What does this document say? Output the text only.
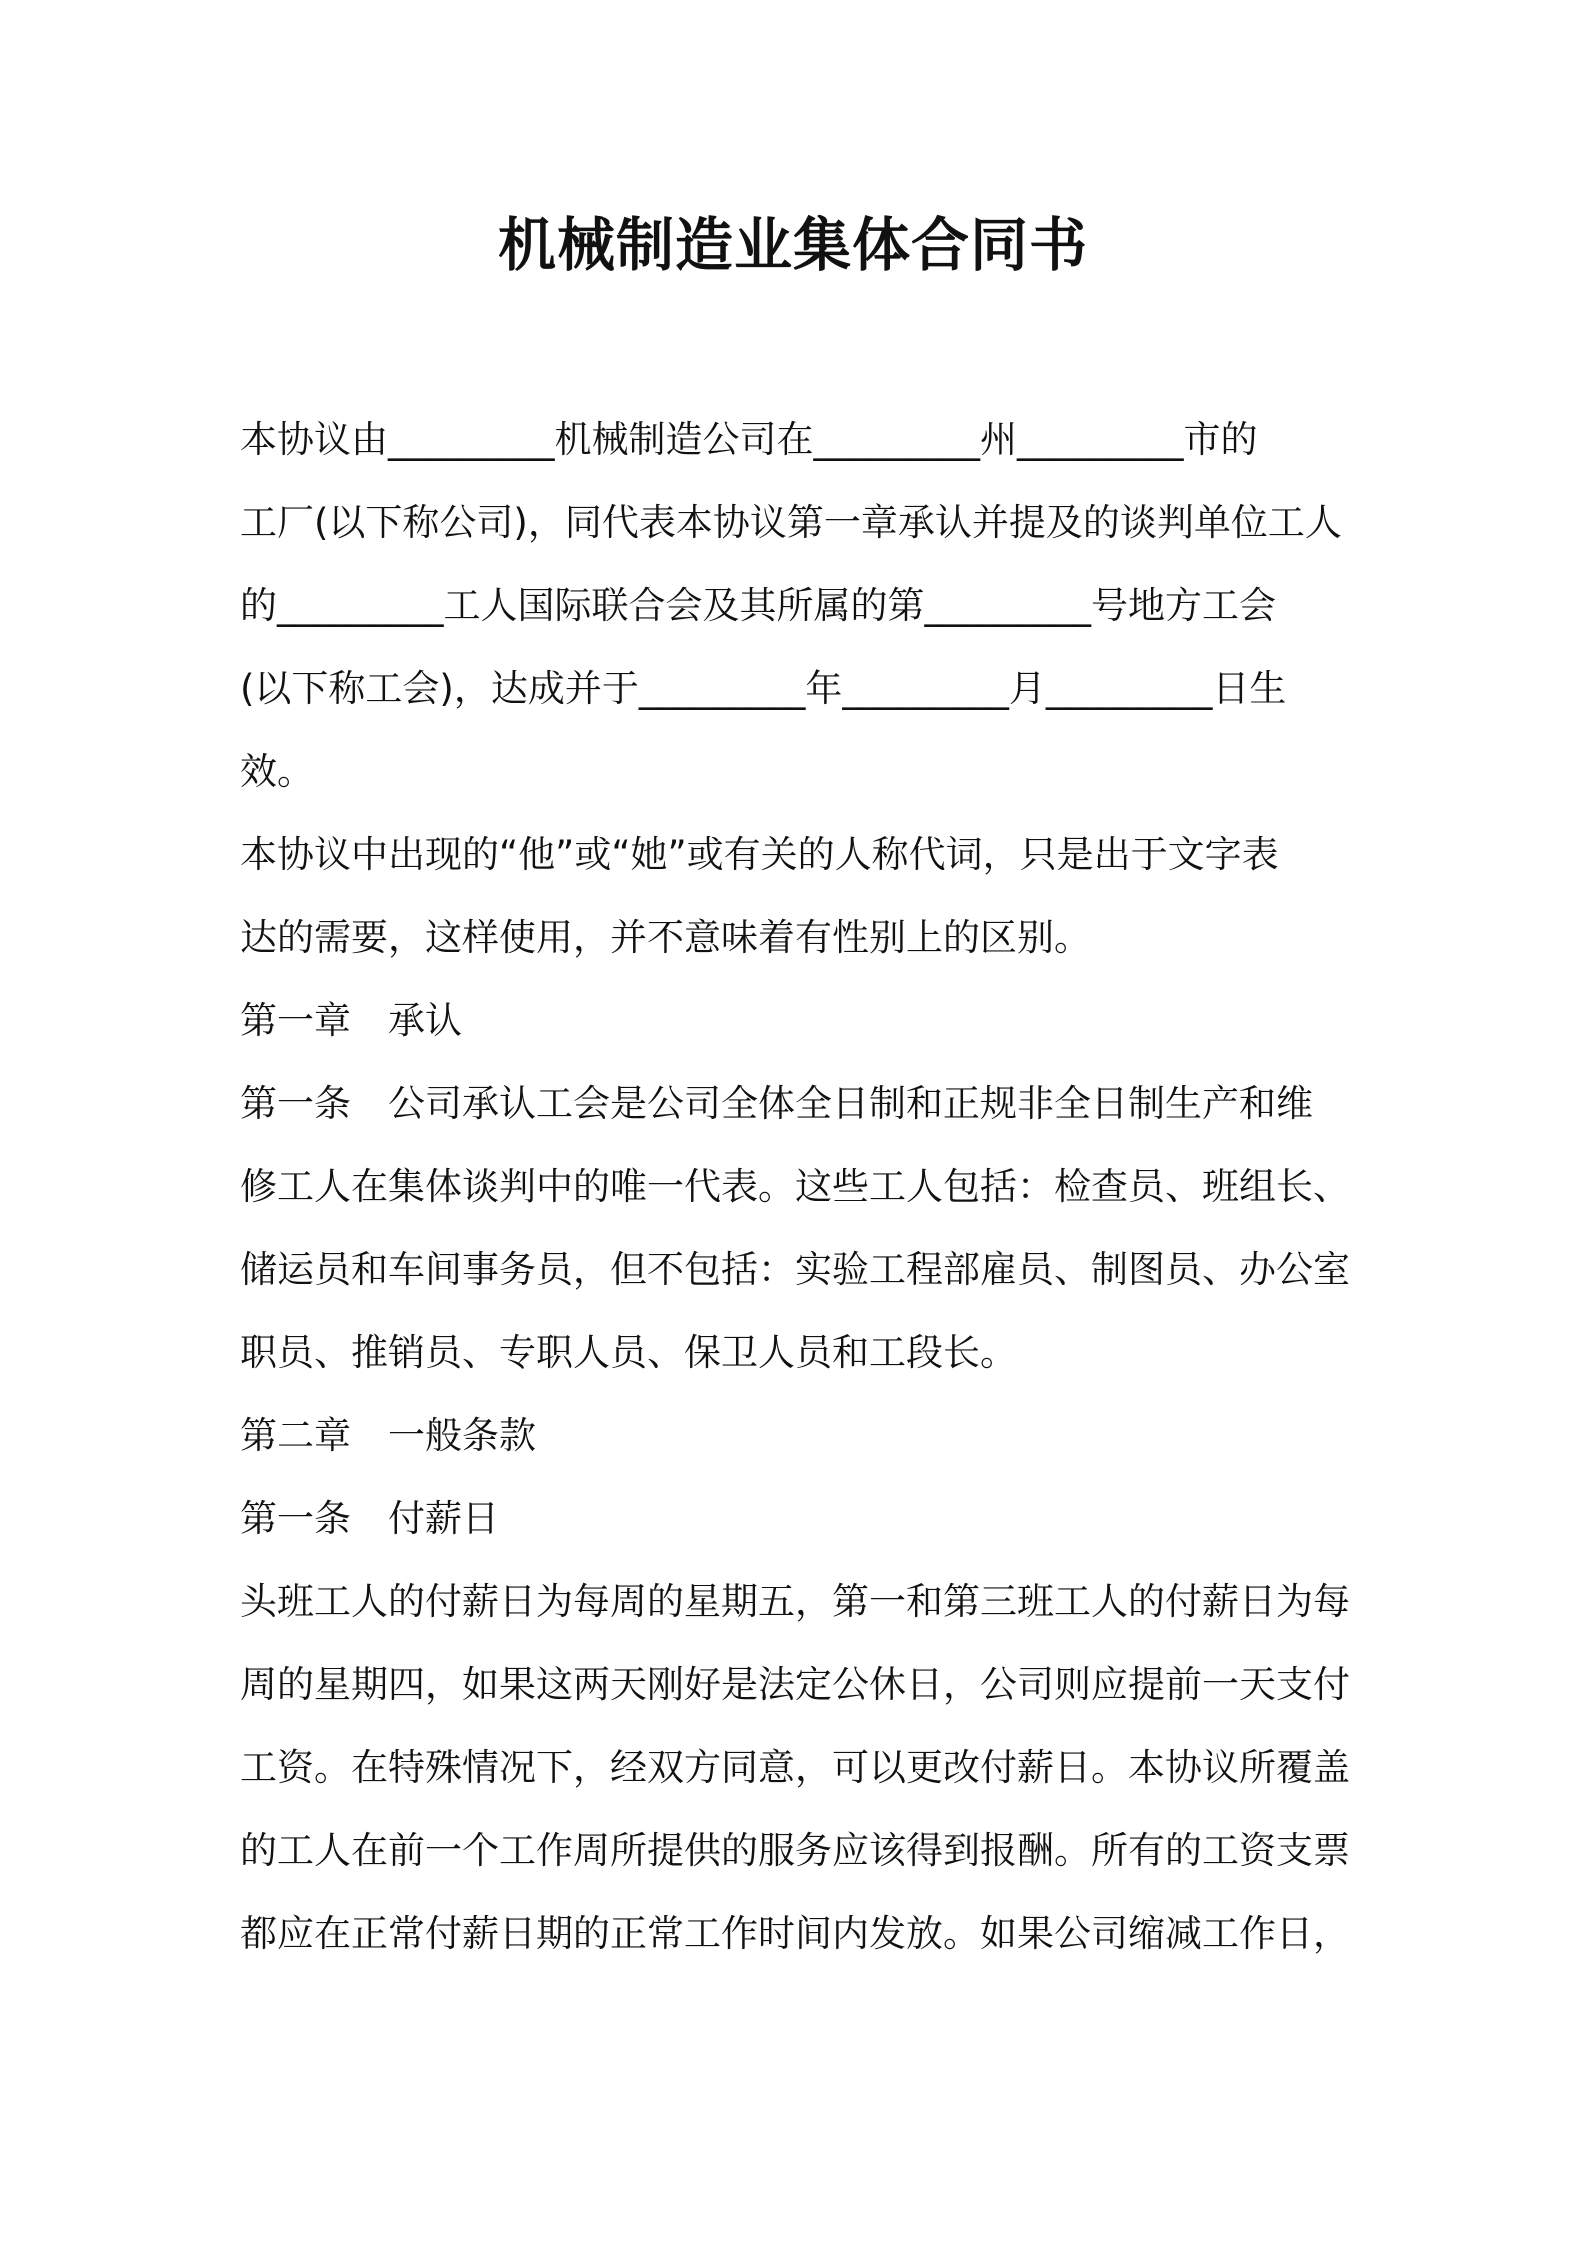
机械制造业集体合同书
本协议由_________机械制造公司在_________州_________市的
工厂(以下称公司)，同代表本协议第一章承认并提及的谈判单位工人
的_________工人国际联合会及其所属的第_________号地方工会
(以下称工会)，达成并于_________年_________月_________日生
效。
本协议中出现的“他”或“她”或有关的人称代词，只是出于文字表
达的需要，这样使用，并不意味着有性别上的区别。
第一章　承认
第一条　公司承认工会是公司全体全日制和正规非全日制生产和维
修工人在集体谈判中的唯一代表。这些工人包括：检查员、班组长、
储运员和车间事务员，但不包括：实验工程部雇员、制图员、办公室
职员、推销员、专职人员、保卫人员和工段长。
第二章　一般条款
第一条　付薪日
头班工人的付薪日为每周的星期五，第一和第三班工人的付薪日为每
周的星期四，如果这两天刚好是法定公休日，公司则应提前一天支付
工资。在特殊情况下，经双方同意，可以更改付薪日。本协议所覆盖
的工人在前一个工作周所提供的服务应该得到报酬。所有的工资支票
都应在正常付薪日期的正常工作时间内发放。如果公司缩减工作日，
